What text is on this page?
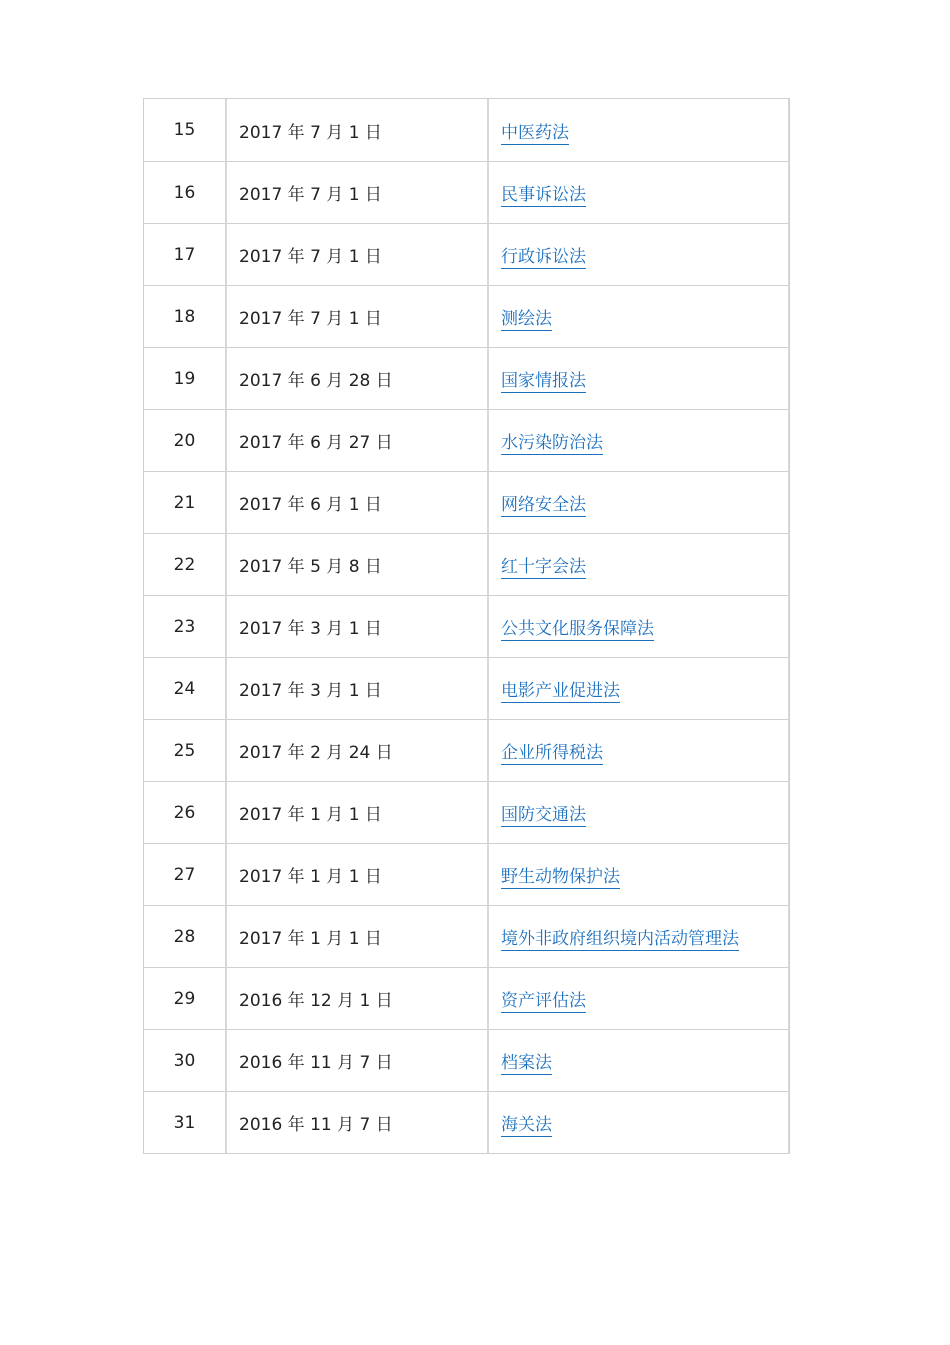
15	2017 年 7 月 1 日	中医药法
16	2017 年 7 月 1 日	民事诉讼法
17	2017 年 7 月 1 日	行政诉讼法
18	2017 年 7 月 1 日	测绘法
19	2017 年 6 月 28 日	国家情报法
20	2017 年 6 月 27 日	水污染防治法
21	2017 年 6 月 1 日	网络安全法
22	2017 年 5 月 8 日	红十字会法
23	2017 年 3 月 1 日	公共文化服务保障法
24	2017 年 3 月 1 日	电影产业促进法
25	2017 年 2 月 24 日	企业所得税法
26	2017 年 1 月 1 日	国防交通法
27	2017 年 1 月 1 日	野生动物保护法
28	2017 年 1 月 1 日	境外非政府组织境内活动管理法
29	2016 年 12 月 1 日	资产评估法
30	2016 年 11 月 7 日	档案法
31	2016 年 11 月 7 日	海关法
